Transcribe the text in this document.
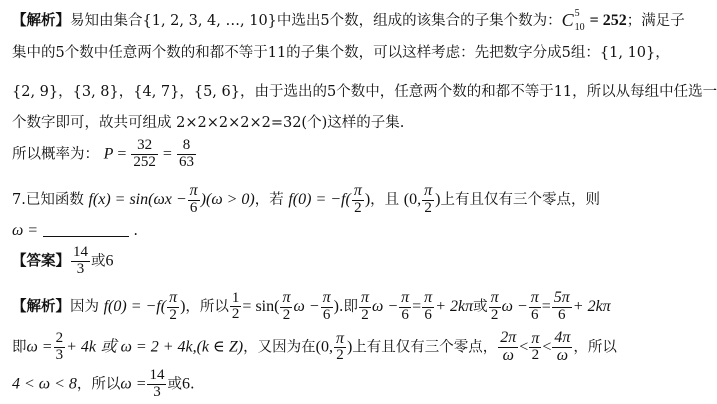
【解析】易知由集合{1, 2, 3, 4, …, 10}中选出5个数，组成的该集合的子集个数为： C 5
10 = 252；满足子
集中的5个数中任意两个数的和都不等于11的子集个数，可以这样考虑：先把数字分成5组：{1, 10}，
{2, 9}，{3, 8}，{4, 7}，{5, 6}，由于选出的5个数中，任意两个数的和都不等于11，所以从每组中任选一
个数字即可，故共可组成 2×2×2×2×2=32(个)这样的子集.
所以概率为： $P = \frac{32}{252} = \frac{8}{63}$
7.已知函数 $f(x) = \sin(\omega x - \frac{\pi}{6} )(\omega > 0)$，若 $f(0) = -f( \frac{\pi}{2}$ )，且 (0, $\frac{\pi}{2}$ )上有且仅有三个零点，则
ω =	.
【答案】 $\frac{14}{3}$ 或6
【解析】因为 $f(0) = -f( \frac{\pi}{2}$ )，所以 $\frac{1}{2} = \sin( \frac{\pi}{2}$ $\omega - \frac{\pi}{6}$ ).即 $\frac{\pi}{2}$ $\omega - \frac{\pi}{6} = \frac{\pi}{6} + 2k\pi$或 $\frac{\pi}{2}$ $\omega - \frac{\pi}{6} = \frac{5\pi}{6} + 2k\pi$
即$\omega = \frac{2}{3} + 4k$ 或 ω = 2 + 4k,(k ∈ Z)，又因为在(0, $\frac{\pi}{2}$ )上有且仅有三个零点， $\frac{2\pi}{\omega} < \frac{\pi}{2} < \frac{4\pi}{\omega}$ ，所以
4 < ω < 8，所以$\omega = \frac{14}{3}$ 或6.
